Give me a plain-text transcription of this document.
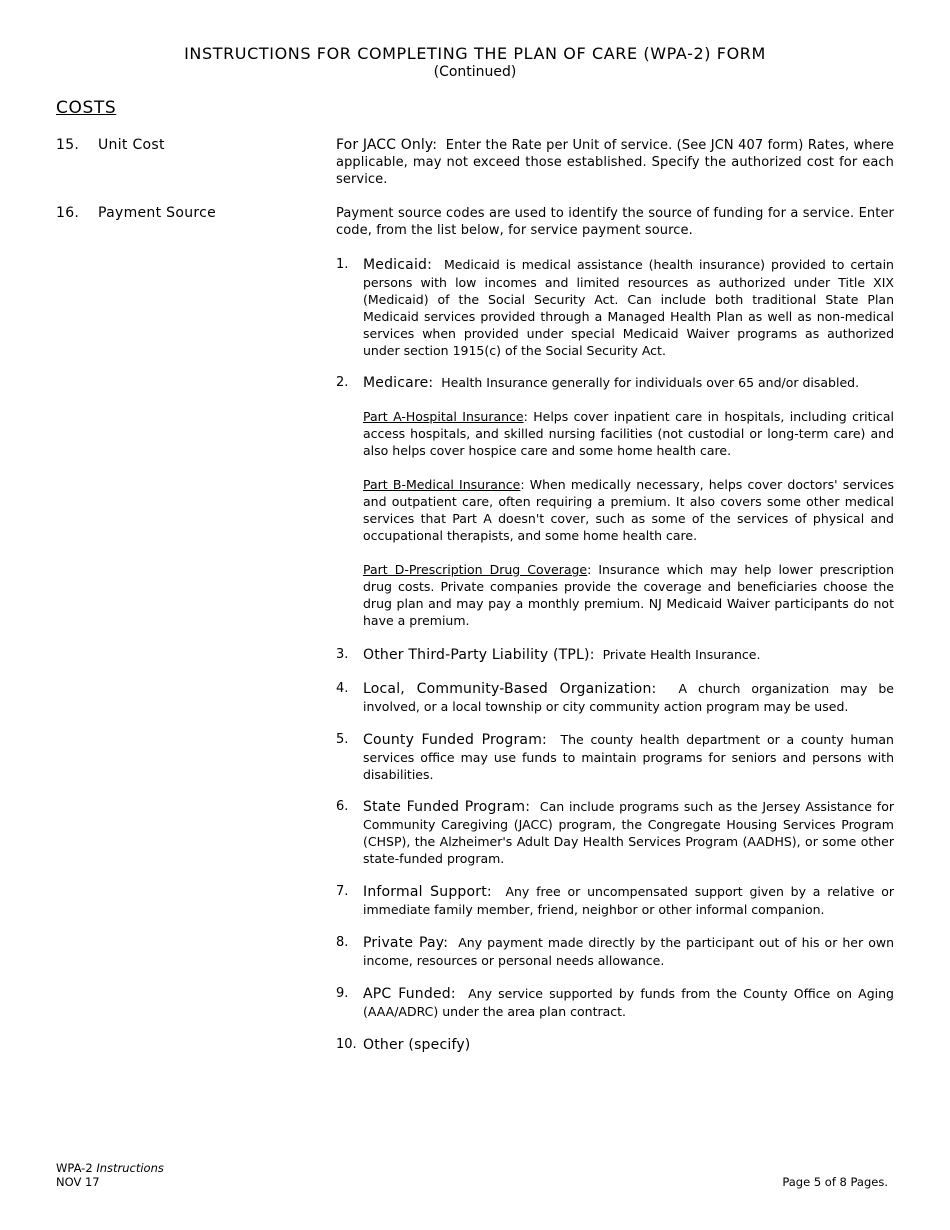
INSTRUCTIONS FOR COMPLETING THE PLAN OF CARE (WPA-2) FORM
(Continued)
COSTS
15. Unit Cost	For JACC Only: Enter the Rate per Unit of service. (See JCN 407 form) Rates, where applicable, may not exceed those established. Specify the authorized cost for each service.
16. Payment Source	Payment source codes are used to identify the source of funding for a service. Enter code, from the list below, for service payment source.
1. Medicaid: Medicaid is medical assistance (health insurance) provided to certain persons with low incomes and limited resources as authorized under Title XIX (Medicaid) of the Social Security Act. Can include both traditional State Plan Medicaid services provided through a Managed Health Plan as well as non-medical services when provided under special Medicaid Waiver programs as authorized under section 1915(c) of the Social Security Act.
2. Medicare: Health Insurance generally for individuals over 65 and/or disabled.
Part A-Hospital Insurance: Helps cover inpatient care in hospitals, including critical access hospitals, and skilled nursing facilities (not custodial or long-term care) and also helps cover hospice care and some home health care.
Part B-Medical Insurance: When medically necessary, helps cover doctors' services and outpatient care, often requiring a premium. It also covers some other medical services that Part A doesn't cover, such as some of the services of physical and occupational therapists, and some home health care.
Part D-Prescription Drug Coverage: Insurance which may help lower prescription drug costs. Private companies provide the coverage and beneficiaries choose the drug plan and may pay a monthly premium. NJ Medicaid Waiver participants do not have a premium.
3. Other Third-Party Liability (TPL): Private Health Insurance.
4. Local, Community-Based Organization: A church organization may be involved, or a local township or city community action program may be used.
5. County Funded Program: The county health department or a county human services office may use funds to maintain programs for seniors and persons with disabilities.
6. State Funded Program: Can include programs such as the Jersey Assistance for Community Caregiving (JACC) program, the Congregate Housing Services Program (CHSP), the Alzheimer's Adult Day Health Services Program (AADHS), or some other state-funded program.
7. Informal Support: Any free or uncompensated support given by a relative or immediate family member, friend, neighbor or other informal companion.
8. Private Pay: Any payment made directly by the participant out of his or her own income, resources or personal needs allowance.
9. APC Funded: Any service supported by funds from the County Office on Aging (AAA/ADRC) under the area plan contract.
10. Other (specify)
WPA-2 Instructions
NOV 17	Page 5 of 8 Pages.
